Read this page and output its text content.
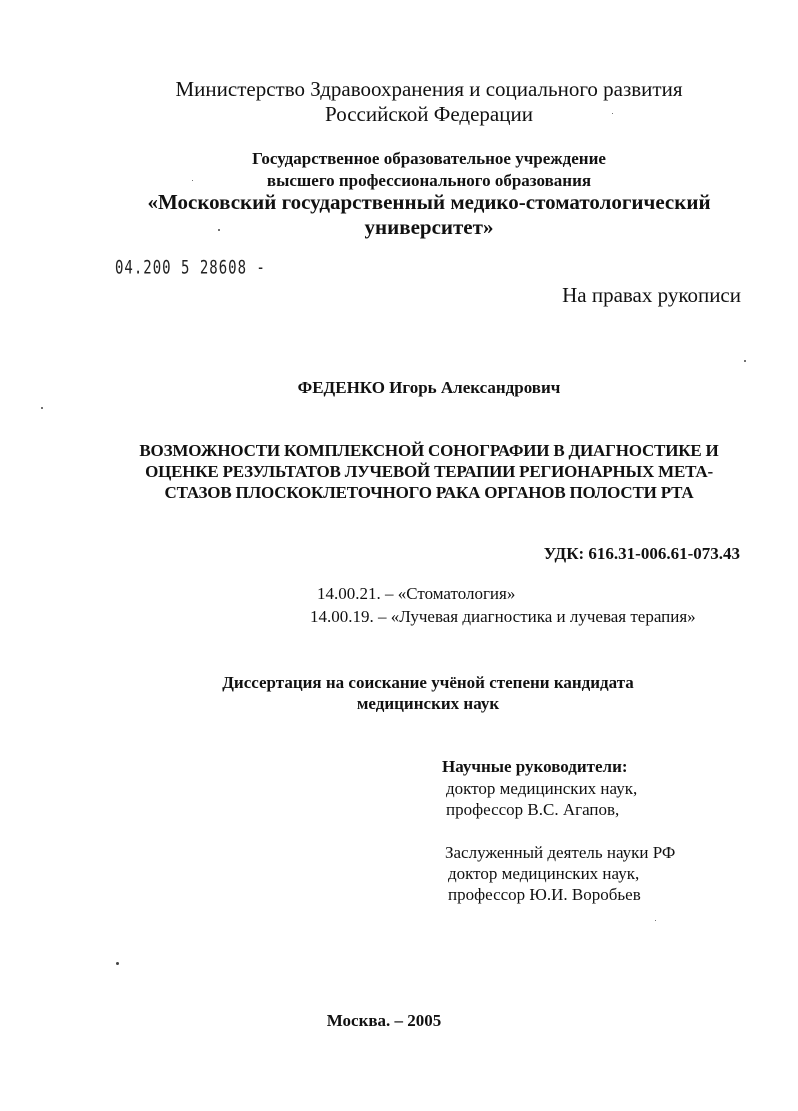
Министерство Здравоохранения и социального развития

Российской Федерации

Государственное образовательное учреждение

высшего профессионального образования

«Московский государственный медико-стоматологический

университет»

04.200 5 28608 -

На правах рукописи

ФЕДЕНКО Игорь Александрович

ВОЗМОЖНОСТИ КОМПЛЕКСНОЙ СОНОГРАФИИ В ДИАГНОСТИКЕ И

ОЦЕНКЕ РЕЗУЛЬТАТОВ ЛУЧЕВОЙ ТЕРАПИИ РЕГИОНАРНЫХ МЕТА-

СТАЗОВ ПЛОСКОКЛЕТОЧНОГО РАКА ОРГАНОВ ПОЛОСТИ РТА

УДК: 616.31-006.61-073.43

14.00.21. – «Стоматология»

14.00.19. – «Лучевая диагностика и лучевая терапия»

Диссертация на соискание учёной степени кандидата

медицинских наук

Научные руководители:

доктор медицинских наук,

профессор В.С. Агапов,

Заслуженный деятель науки РФ

доктор медицинских наук,

профессор Ю.И. Воробьев

Москва. – 2005
